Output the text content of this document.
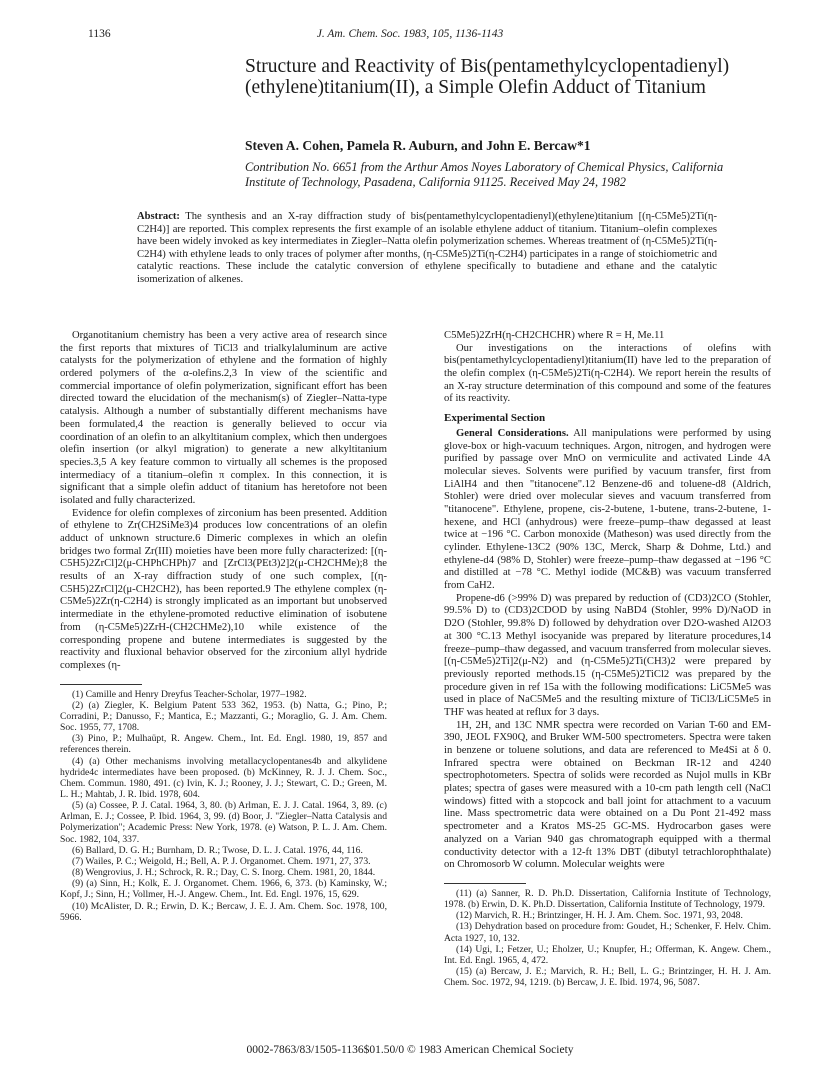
1136	J. Am. Chem. Soc. 1983, 105, 1136-1143
Structure and Reactivity of Bis(pentamethylcyclopentadienyl)(ethylene)titanium(II), a Simple Olefin Adduct of Titanium
Steven A. Cohen, Pamela R. Auburn, and John E. Bercaw*1
Contribution No. 6651 from the Arthur Amos Noyes Laboratory of Chemical Physics, California Institute of Technology, Pasadena, California 91125. Received May 24, 1982
Abstract: The synthesis and an X-ray diffraction study of bis(pentamethylcyclopentadienyl)(ethylene)titanium [(η-C5Me5)2Ti(η-C2H4)] are reported. This complex represents the first example of an isolable ethylene adduct of titanium. Titanium–olefin complexes have been widely invoked as key intermediates in Ziegler–Natta olefin polymerization schemes. Whereas treatment of (η-C5Me5)2Ti(η-C2H4) with ethylene leads to only traces of polymer after months, (η-C5Me5)2Ti(η-C2H4) participates in a range of stoichiometric and catalytic reactions. These include the catalytic conversion of ethylene specifically to butadiene and ethane and the catalytic isomerization of alkenes.

Organotitanium chemistry has been a very active area of research since the first reports that mixtures of TiCl3 and trialkylaluminum are active catalysts for the polymerization of ethylene and the formation of highly ordered polymers of the α-olefins.2,3 In view of the scientific and commercial importance of olefin polymerization, significant effort has been directed toward the elucidation of the mechanism(s) of Ziegler–Natta-type catalysis. Although a number of substantially different mechanisms have been formulated,4 the reaction is generally believed to occur via coordination of an olefin to an alkyltitanium complex, which then undergoes olefin insertion (or alkyl migration) to generate a new alkyltitanium species.3,5 A key feature common to virtually all schemes is the proposed intermediacy of a titanium–olefin π complex. In this connection, it is significant that a simple olefin adduct of titanium has heretofore not been isolated and fully characterized.

Evidence for olefin complexes of zirconium has been presented. Addition of ethylene to Zr(CH2SiMe3)4 produces low concentrations of an olefin adduct of unknown structure.6 Dimeric complexes in which an olefin bridges two formal Zr(III) moieties have been more fully characterized: [(η-C5H5)2ZrCl]2(μ-CHPhCHPh)7 and [ZrCl3(PEt3)2]2(μ-CH2CHMe);8 the results of an X-ray diffraction study of one such complex, [(η-C5H5)2ZrCl]2(μ-CH2CH2), has been reported.9 The ethylene complex (η-C5Me5)2Zr(η-C2H4) is strongly implicated as an important but unobserved intermediate in the ethylene-promoted reductive elimination of isobutene from (η-C5Me5)2ZrH-(CH2CHMe2),10 while existence of the corresponding propene and butene intermediates is suggested by the reactivity and fluxional behavior observed for the zirconium allyl hydride complexes (η-

(1) Camille and Henry Dreyfus Teacher-Scholar, 1977–1982.

(2) (a) Ziegler, K. Belgium Patent 533 362, 1953. (b) Natta, G.; Pino, P.; Corradini, P.; Danusso, F.; Mantica, E.; Mazzanti, G.; Moraglio, G. J. Am. Chem. Soc. 1955, 77, 1708.

(3) Pino, P.; Mulhaüpt, R. Angew. Chem., Int. Ed. Engl. 1980, 19, 857 and references therein.

(4) (a) Other mechanisms involving metallacyclopentanes4b and alkylidene hydride4c intermediates have been proposed. (b) McKinney, R. J. J. Chem. Soc., Chem. Commun. 1980, 491. (c) Ivin, K. J.; Rooney, J. J.; Stewart, C. D.; Green, M. L. H.; Mahtab, J. R. Ibid. 1978, 604.

(5) (a) Cossee, P. J. Catal. 1964, 3, 80. (b) Arlman, E. J. J. Catal. 1964, 3, 89. (c) Arlman, E. J.; Cossee, P. Ibid. 1964, 3, 99. (d) Boor, J. "Ziegler–Natta Catalysis and Polymerization"; Academic Press: New York, 1978. (e) Watson, P. L. J. Am. Chem. Soc. 1982, 104, 337.

(6) Ballard, D. G. H.; Burnham, D. R.; Twose, D. L. J. Catal. 1976, 44, 116.

(7) Wailes, P. C.; Weigold, H.; Bell, A. P. J. Organomet. Chem. 1971, 27, 373.

(8) Wengrovius, J. H.; Schrock, R. R.; Day, C. S. Inorg. Chem. 1981, 20, 1844.

(9) (a) Sinn, H.; Kolk, E. J. Organomet. Chem. 1966, 6, 373. (b) Kaminsky, W.; Kopf, J.; Sinn, H.; Vollmer, H.-J. Angew. Chem., Int. Ed. Engl. 1976, 15, 629.

(10) McAlister, D. R.; Erwin, D. K.; Bercaw, J. E. J. Am. Chem. Soc. 1978, 100, 5966.

C5Me5)2ZrH(η-CH2CHCHR) where R = H, Me.11

Our investigations on the interactions of olefins with bis(pentamethylcyclopentadienyl)titanium(II) have led to the preparation of the olefin complex (η-C5Me5)2Ti(η-C2H4). We report herein the results of an X-ray structure determination of this compound and some of the features of its reactivity.

Experimental Section

General Considerations. All manipulations were performed by using glove-box or high-vacuum techniques. Argon, nitrogen, and hydrogen were purified by passage over MnO on vermiculite and activated Linde 4A molecular sieves. Solvents were purified by vacuum transfer, first from LiAlH4 and then "titanocene".12 Benzene-d6 and toluene-d8 (Aldrich, Stohler) were dried over molecular sieves and vacuum transferred from "titanocene". Ethylene, propene, cis-2-butene, 1-butene, trans-2-butene, 1-hexene, and HCl (anhydrous) were freeze–pump–thaw degassed at least twice at −196 °C. Carbon monoxide (Matheson) was used directly from the cylinder. Ethylene-13C2 (90% 13C, Merck, Sharp & Dohme, Ltd.) and ethylene-d4 (98% D, Stohler) were freeze–pump–thaw degassed at −196 °C and distilled at −78 °C. Methyl iodide (MC&B) was vacuum transferred from CaH2.

Propene-d6 (>99% D) was prepared by reduction of (CD3)2CO (Stohler, 99.5% D) to (CD3)2CDOD by using NaBD4 (Stohler, 99% D)/NaOD in D2O (Stohler, 99.8% D) followed by dehydration over D2O-washed Al2O3 at 300 °C.13 Methyl isocyanide was prepared by literature procedures,14 freeze–pump–thaw degassed, and vacuum transferred from molecular sieves. [(η-C5Me5)2Ti]2(μ-N2) and (η-C5Me5)2Ti(CH3)2 were prepared by previously reported methods.15 (η-C5Me5)2TiCl2 was prepared by the procedure given in ref 15a with the following modifications: LiC5Me5 was used in place of NaC5Me5 and the resulting mixture of TiCl3/LiC5Me5 in THF was heated at reflux for 3 days.

1H, 2H, and 13C NMR spectra were recorded on Varian T-60 and EM-390, JEOL FX90Q, and Bruker WM-500 spectrometers. Spectra were taken in benzene or toluene solutions, and data are referenced to Me4Si at δ 0. Infrared spectra were obtained on Beckman IR-12 and 4240 spectrophotometers. Spectra of solids were recorded as Nujol mulls in KBr plates; spectra of gases were measured with a 10-cm path length cell (NaCl windows) fitted with a stopcock and ball joint for attachment to a vacuum line. Mass spectrometric data were obtained on a Du Pont 21-492 mass spectrometer and a Kratos MS-25 GC-MS. Hydrocarbon gases were analyzed on a Varian 940 gas chromatograph equipped with a thermal conductivity detector with a 12-ft 13% DBT (dibutyl tetrachlorophthalate) on Chromosorb W column. Molecular weights were

(11) (a) Sanner, R. D. Ph.D. Dissertation, California Institute of Technology, 1978. (b) Erwin, D. K. Ph.D. Dissertation, California Institute of Technology, 1979.

(12) Marvich, R. H.; Brintzinger, H. H. J. Am. Chem. Soc. 1971, 93, 2048.

(13) Dehydration based on procedure from: Goudet, H.; Schenker, F. Helv. Chim. Acta 1927, 10, 132.

(14) Ugi, I.; Fetzer, U.; Eholzer, U.; Knupfer, H.; Offerman, K. Angew. Chem., Int. Ed. Engl. 1965, 4, 472.

(15) (a) Bercaw, J. E.; Marvich, R. H.; Bell, L. G.; Brintzinger, H. H. J. Am. Chem. Soc. 1972, 94, 1219. (b) Bercaw, J. E. Ibid. 1974, 96, 5087.

0002-7863/83/1505-1136$01.50/0 © 1983 American Chemical Society
